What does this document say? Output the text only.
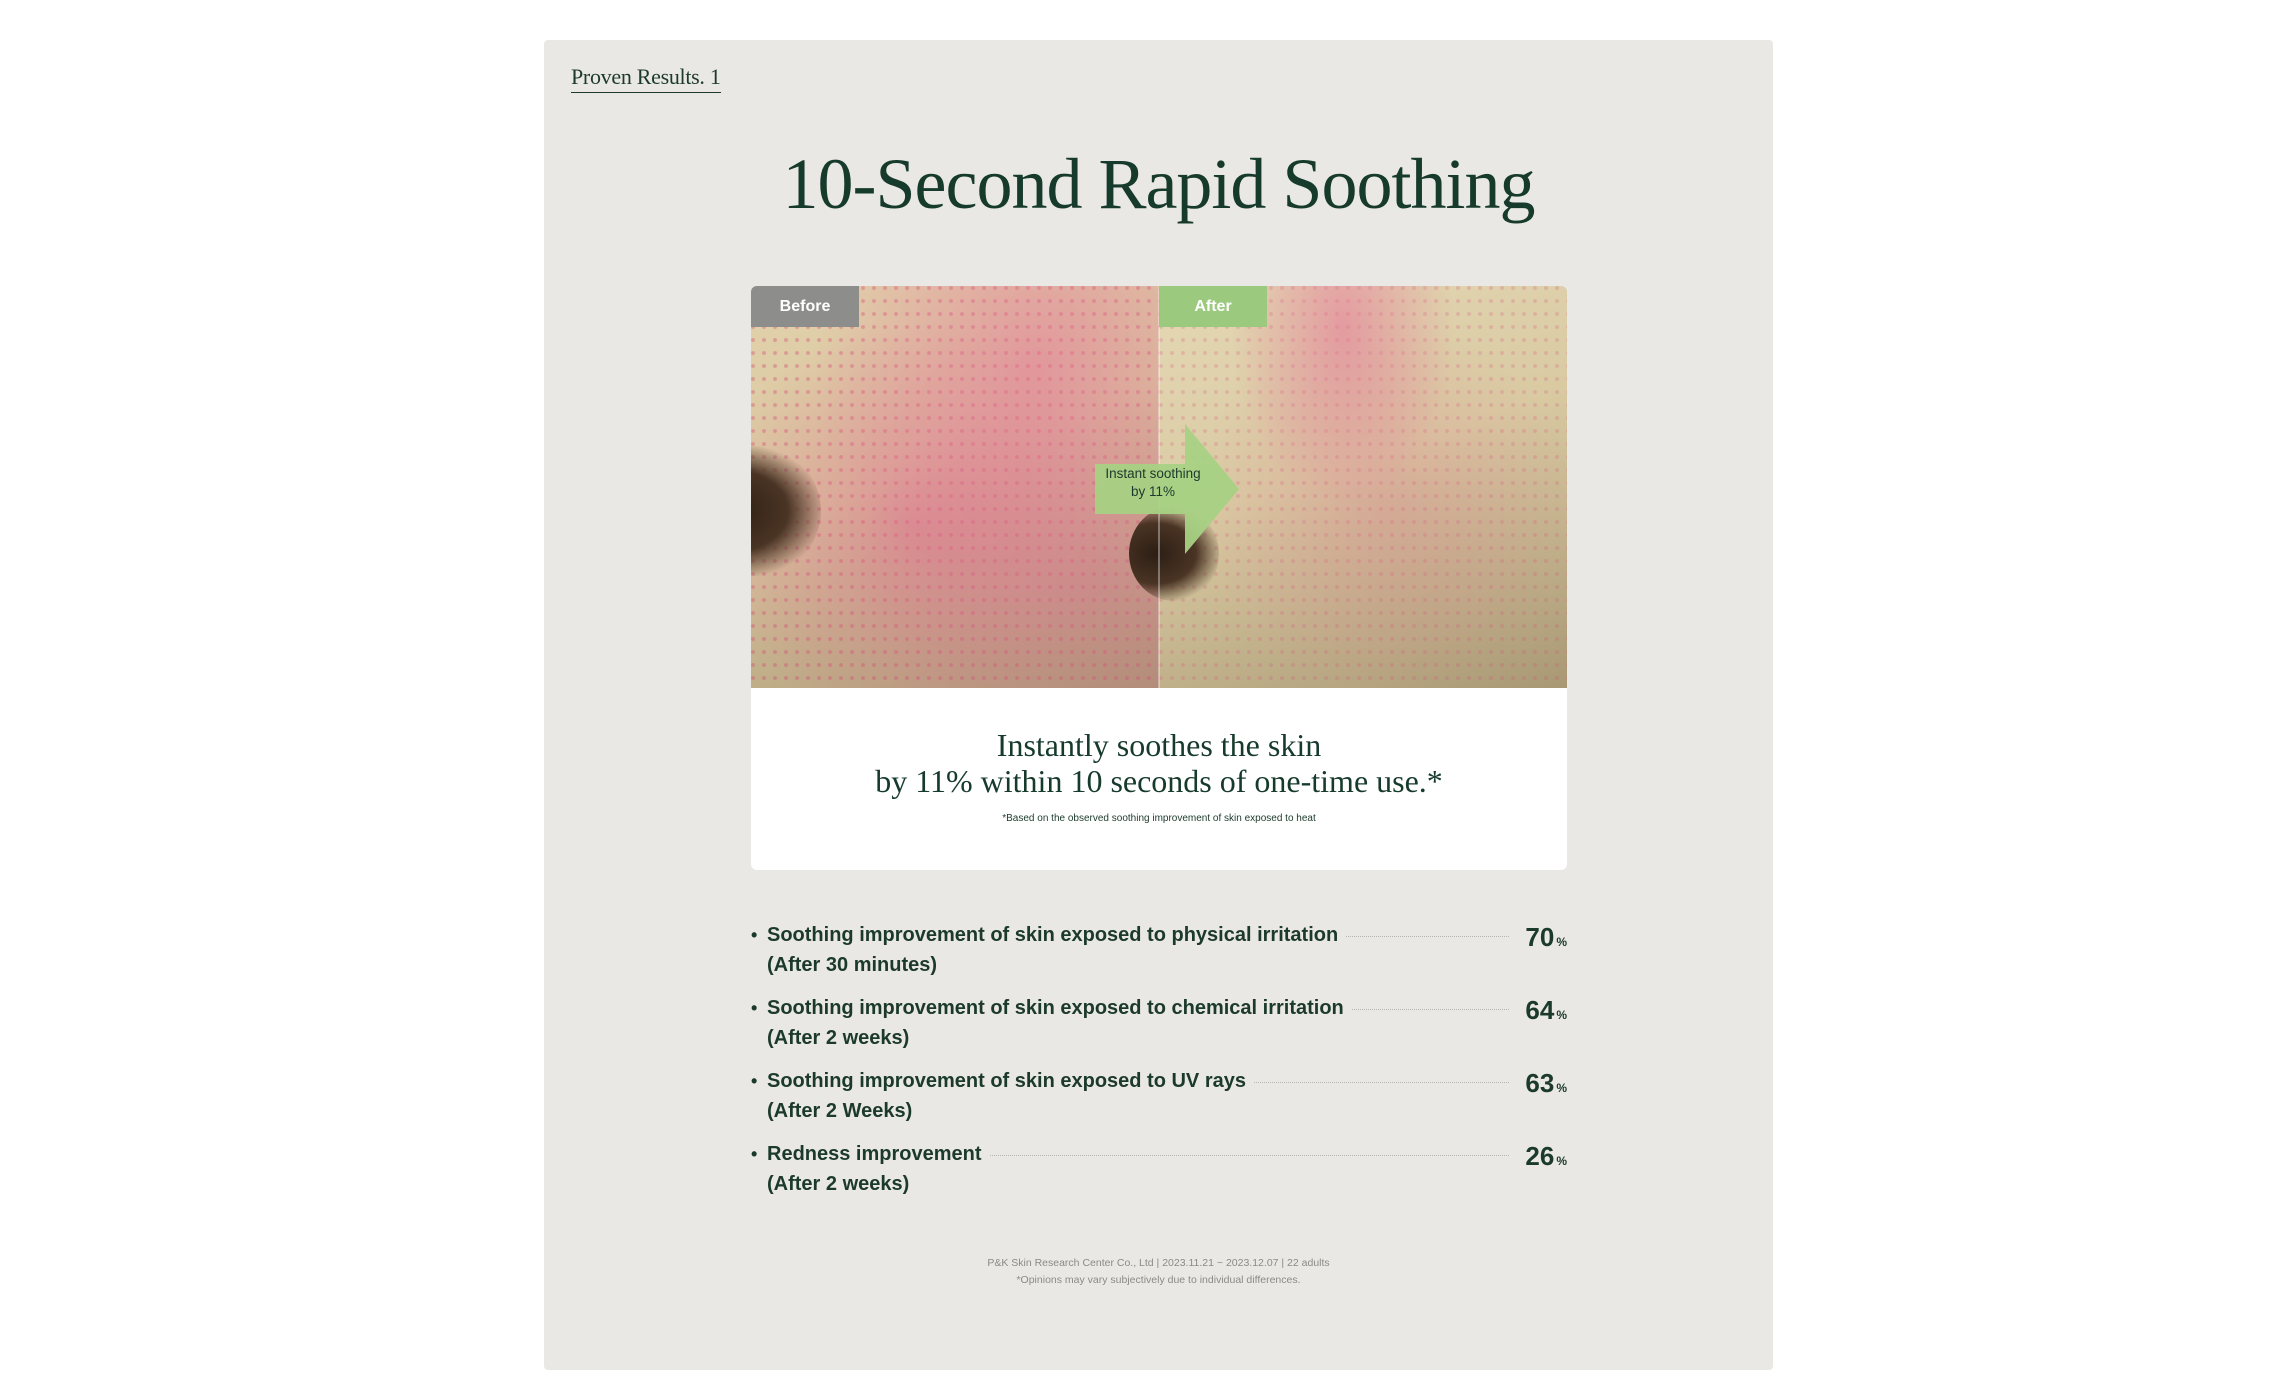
Proven Results. 1
10-Second Rapid Soothing
Before	After
Instant soothing
by 11%
Instantly soothes the skin
by 11% within 10 seconds of one-time use.*
*Based on the observed soothing improvement of skin exposed to heat
• Soothing improvement of skin exposed to physical irritation
(After 30 minutes)
70 %
• Soothing improvement of skin exposed to chemical irritation
(After 2 weeks)
64 %
• Soothing improvement of skin exposed to UV rays
(After 2 Weeks)
63 %
• Redness improvement
(After 2 weeks)
26 %
P&K Skin Research Center Co., Ltd | 2023.11.21 ~ 2023.12.07 | 22 adults
*Opinions may vary subjectively due to individual differences.
